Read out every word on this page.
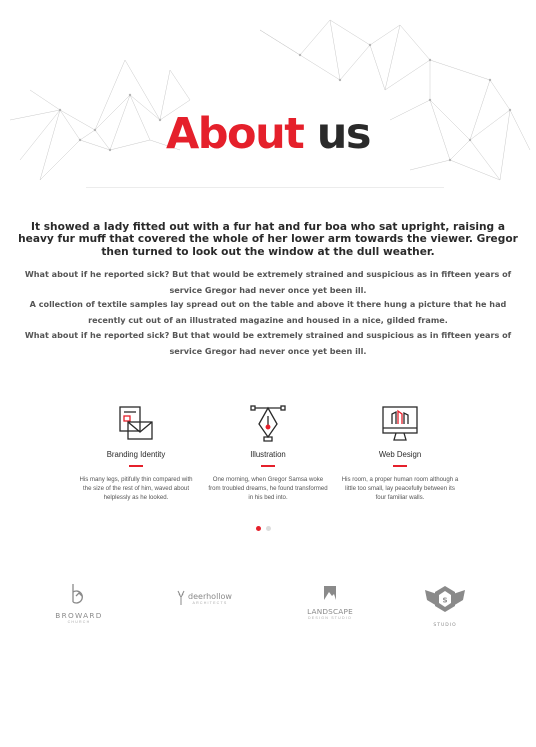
About us
It showed a lady fitted out with a fur hat and fur boa who sat upright, raising a heavy fur muff that covered the whole of her lower arm towards the viewer. Gregor then turned to look out the window at the dull weather.
What about if he reported sick? But that would be extremely strained and suspicious as in fifteen years of service Gregor had never once yet been ill.
A collection of textile samples lay spread out on the table and above it there hung a picture that he had recently cut out of an illustrated magazine and housed in a nice, gilded frame.
What about if he reported sick? But that would be extremely strained and suspicious as in fifteen years of service Gregor had never once yet been ill.
Branding Identity
His many legs, pitifully thin compared with the size of the rest of him, waved about helplessly as he looked.
Illustration
One morning, when Gregor Samsa woke from troubled dreams, he found transformed in his bed into.
Web Design
His room, a proper human room although a little too small, lay peacefully between its four familiar walls.
BROWARD
CHURCH
deerhollow
ARCHITECTS
LANDSCAPE
DESIGN STUDIO
S
STUDIO
